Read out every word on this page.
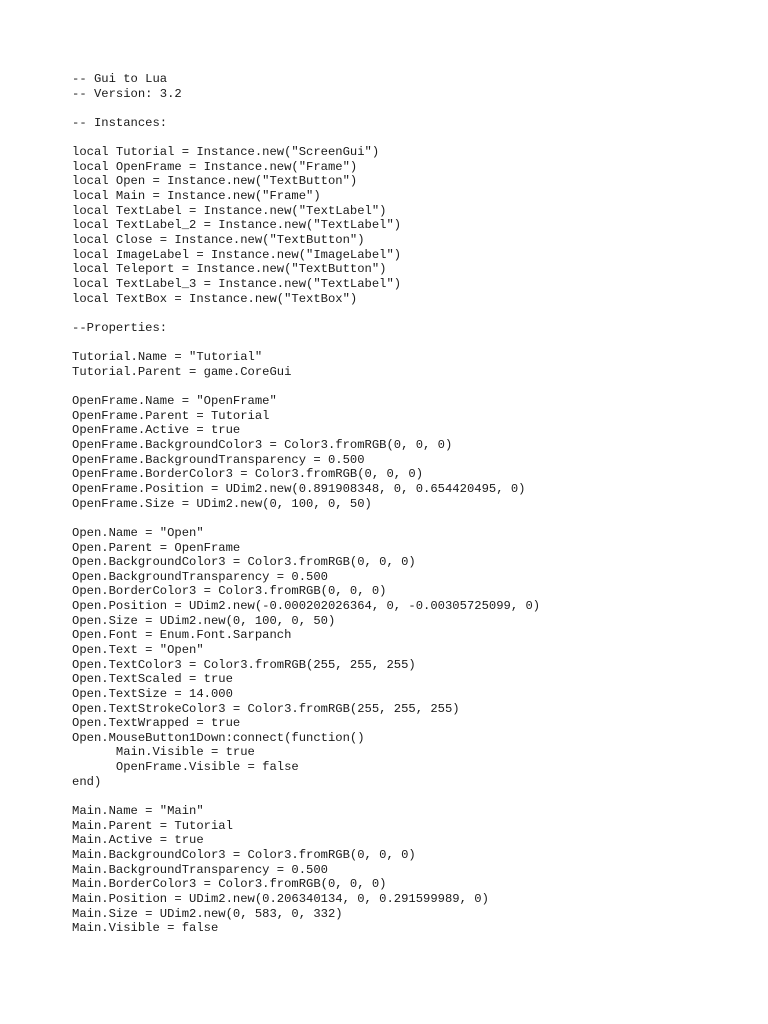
-- Gui to Lua
-- Version: 3.2
-- Instances:
local Tutorial = Instance.new("ScreenGui")
local OpenFrame = Instance.new("Frame")
local Open = Instance.new("TextButton")
local Main = Instance.new("Frame")
local TextLabel = Instance.new("TextLabel")
local TextLabel_2 = Instance.new("TextLabel")
local Close = Instance.new("TextButton")
local ImageLabel = Instance.new("ImageLabel")
local Teleport = Instance.new("TextButton")
local TextLabel_3 = Instance.new("TextLabel")
local TextBox = Instance.new("TextBox")
--Properties:
Tutorial.Name = "Tutorial"
Tutorial.Parent = game.CoreGui
OpenFrame.Name = "OpenFrame"
OpenFrame.Parent = Tutorial
OpenFrame.Active = true
OpenFrame.BackgroundColor3 = Color3.fromRGB(0, 0, 0)
OpenFrame.BackgroundTransparency = 0.500
OpenFrame.BorderColor3 = Color3.fromRGB(0, 0, 0)
OpenFrame.Position = UDim2.new(0.891908348, 0, 0.654420495, 0)
OpenFrame.Size = UDim2.new(0, 100, 0, 50)
Open.Name = "Open"
Open.Parent = OpenFrame
Open.BackgroundColor3 = Color3.fromRGB(0, 0, 0)
Open.BackgroundTransparency = 0.500
Open.BorderColor3 = Color3.fromRGB(0, 0, 0)
Open.Position = UDim2.new(-0.000202026364, 0, -0.00305725099, 0)
Open.Size = UDim2.new(0, 100, 0, 50)
Open.Font = Enum.Font.Sarpanch
Open.Text = "Open"
Open.TextColor3 = Color3.fromRGB(255, 255, 255)
Open.TextScaled = true
Open.TextSize = 14.000
Open.TextStrokeColor3 = Color3.fromRGB(255, 255, 255)
Open.TextWrapped = true
Open.MouseButton1Down:connect(function()
Main.Visible = true
OpenFrame.Visible = false
end)
Main.Name = "Main"
Main.Parent = Tutorial
Main.Active = true
Main.BackgroundColor3 = Color3.fromRGB(0, 0, 0)
Main.BackgroundTransparency = 0.500
Main.BorderColor3 = Color3.fromRGB(0, 0, 0)
Main.Position = UDim2.new(0.206340134, 0, 0.291599989, 0)
Main.Size = UDim2.new(0, 583, 0, 332)
Main.Visible = false
